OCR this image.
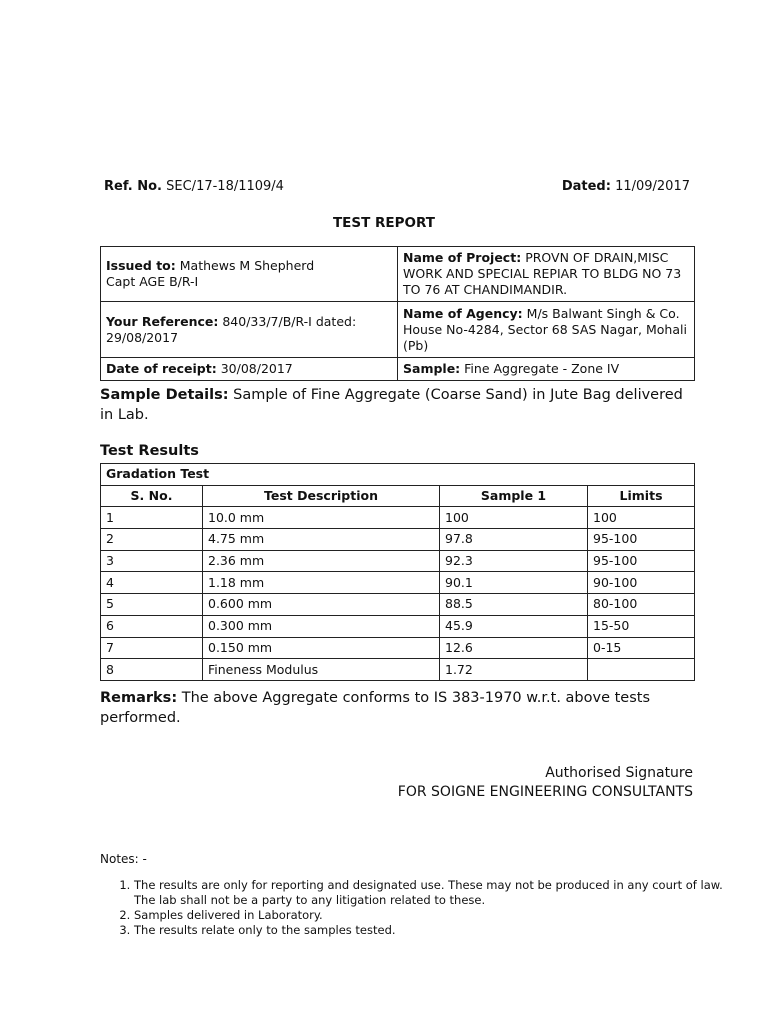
Ref. No. SEC/17-18/1109/4	Dated: 11/09/2017
TEST REPORT
Issued to: Mathews M Shepherd
Capt AGE B/R-I	Name of Project: PROVN OF DRAIN,MISC WORK AND SPECIAL REPIAR TO BLDG NO 73 TO 76 AT CHANDIMANDIR.
Your Reference: 840/33/7/B/R-I dated: 29/08/2017	Name of Agency: M/s Balwant Singh & Co. House No-4284, Sector 68 SAS Nagar, Mohali (Pb)
Date of receipt: 30/08/2017	Sample: Fine Aggregate - Zone IV
Sample Details: Sample of Fine Aggregate (Coarse Sand) in Jute Bag delivered in Lab.
Test Results
Gradation Test			
S. No.	Test Description	Sample 1	Limits
1	10.0 mm	100	100
2	4.75 mm	97.8	95-100
3	2.36 mm	92.3	95-100
4	1.18 mm	90.1	90-100
5	0.600 mm	88.5	80-100
6	0.300 mm	45.9	15-50
7	0.150 mm	12.6	0-15
8	Fineness Modulus	1.72	
Remarks: The above Aggregate conforms to IS 383-1970 w.r.t. above tests performed.
Authorised Signature
FOR SOIGNE ENGINEERING CONSULTANTS
Notes: -
1. The results are only for reporting and designated use. These may not be produced in any court of law. The lab shall not be a party to any litigation related to these.
2. Samples delivered in Laboratory.
3. The results relate only to the samples tested.
